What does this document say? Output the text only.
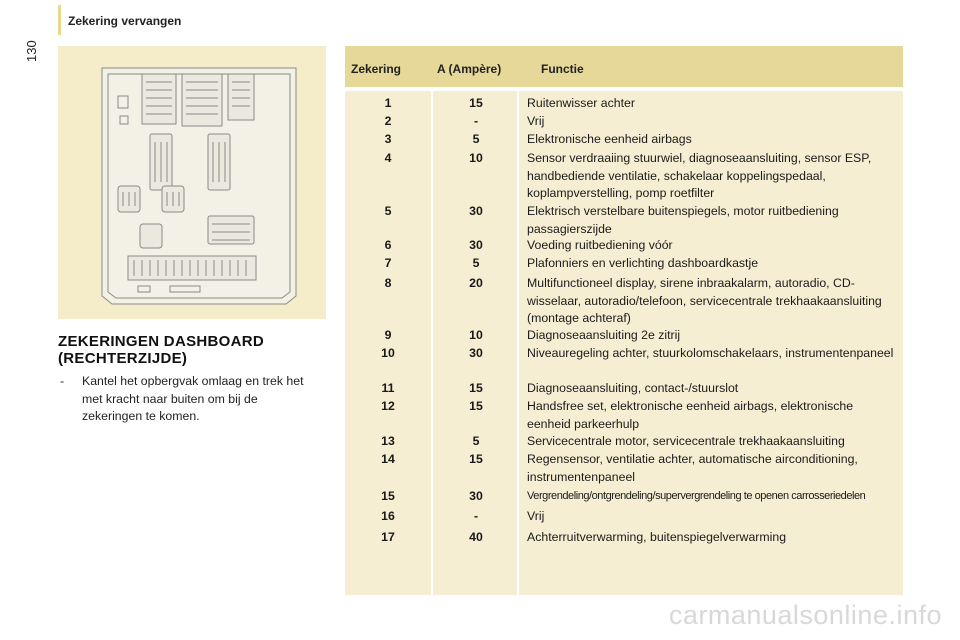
Zekering vervangen
130
ZEKERINGEN DASHBOARD (RECHTERZIJDE)
-	Kantel het opbergvak omlaag en trek het met kracht naar buiten om bij de zekeringen te komen.
Zekering	A (Ampère)	Functie
1	15	Ruitenwisser achter
2	-	Vrij
3	5	Elektronische eenheid airbags
4	10	Sensor verdraaiing stuurwiel, diagnoseaansluiting, sensor ESP, handbediende ventilatie, schakelaar koppelingspedaal, koplampverstelling, pomp roetfilter
5	30	Elektrisch verstelbare buitenspiegels, motor ruitbediening passagierszijde
6	30	Voeding ruitbediening vóór
7	5	Plafonniers en verlichting dashboardkastje
8	20	Multifunctioneel display, sirene inbraakalarm, autoradio, CD-wisselaar, autoradio/telefoon, servicecentrale trekhaakaansluiting (montage achteraf)
9	10	Diagnoseaansluiting 2e zitrij
10	30	Niveauregeling achter, stuurkolomschakelaars, instrumentenpaneel
11	15	Diagnoseaansluiting, contact-/stuurslot
12	15	Handsfree set, elektronische eenheid airbags, elektronische eenheid parkeerhulp
13	5	Servicecentrale motor, servicecentrale trekhaakaansluiting
14	15	Regensensor, ventilatie achter, automatische airconditioning, instrumentenpaneel
15	30	Vergrendeling/ontgrendeling/supervergrendeling te openen carrosseriedelen
16	-	Vrij
17	40	Achterruitverwarming, buitenspiegelverwarming
carmanualsonline.info
